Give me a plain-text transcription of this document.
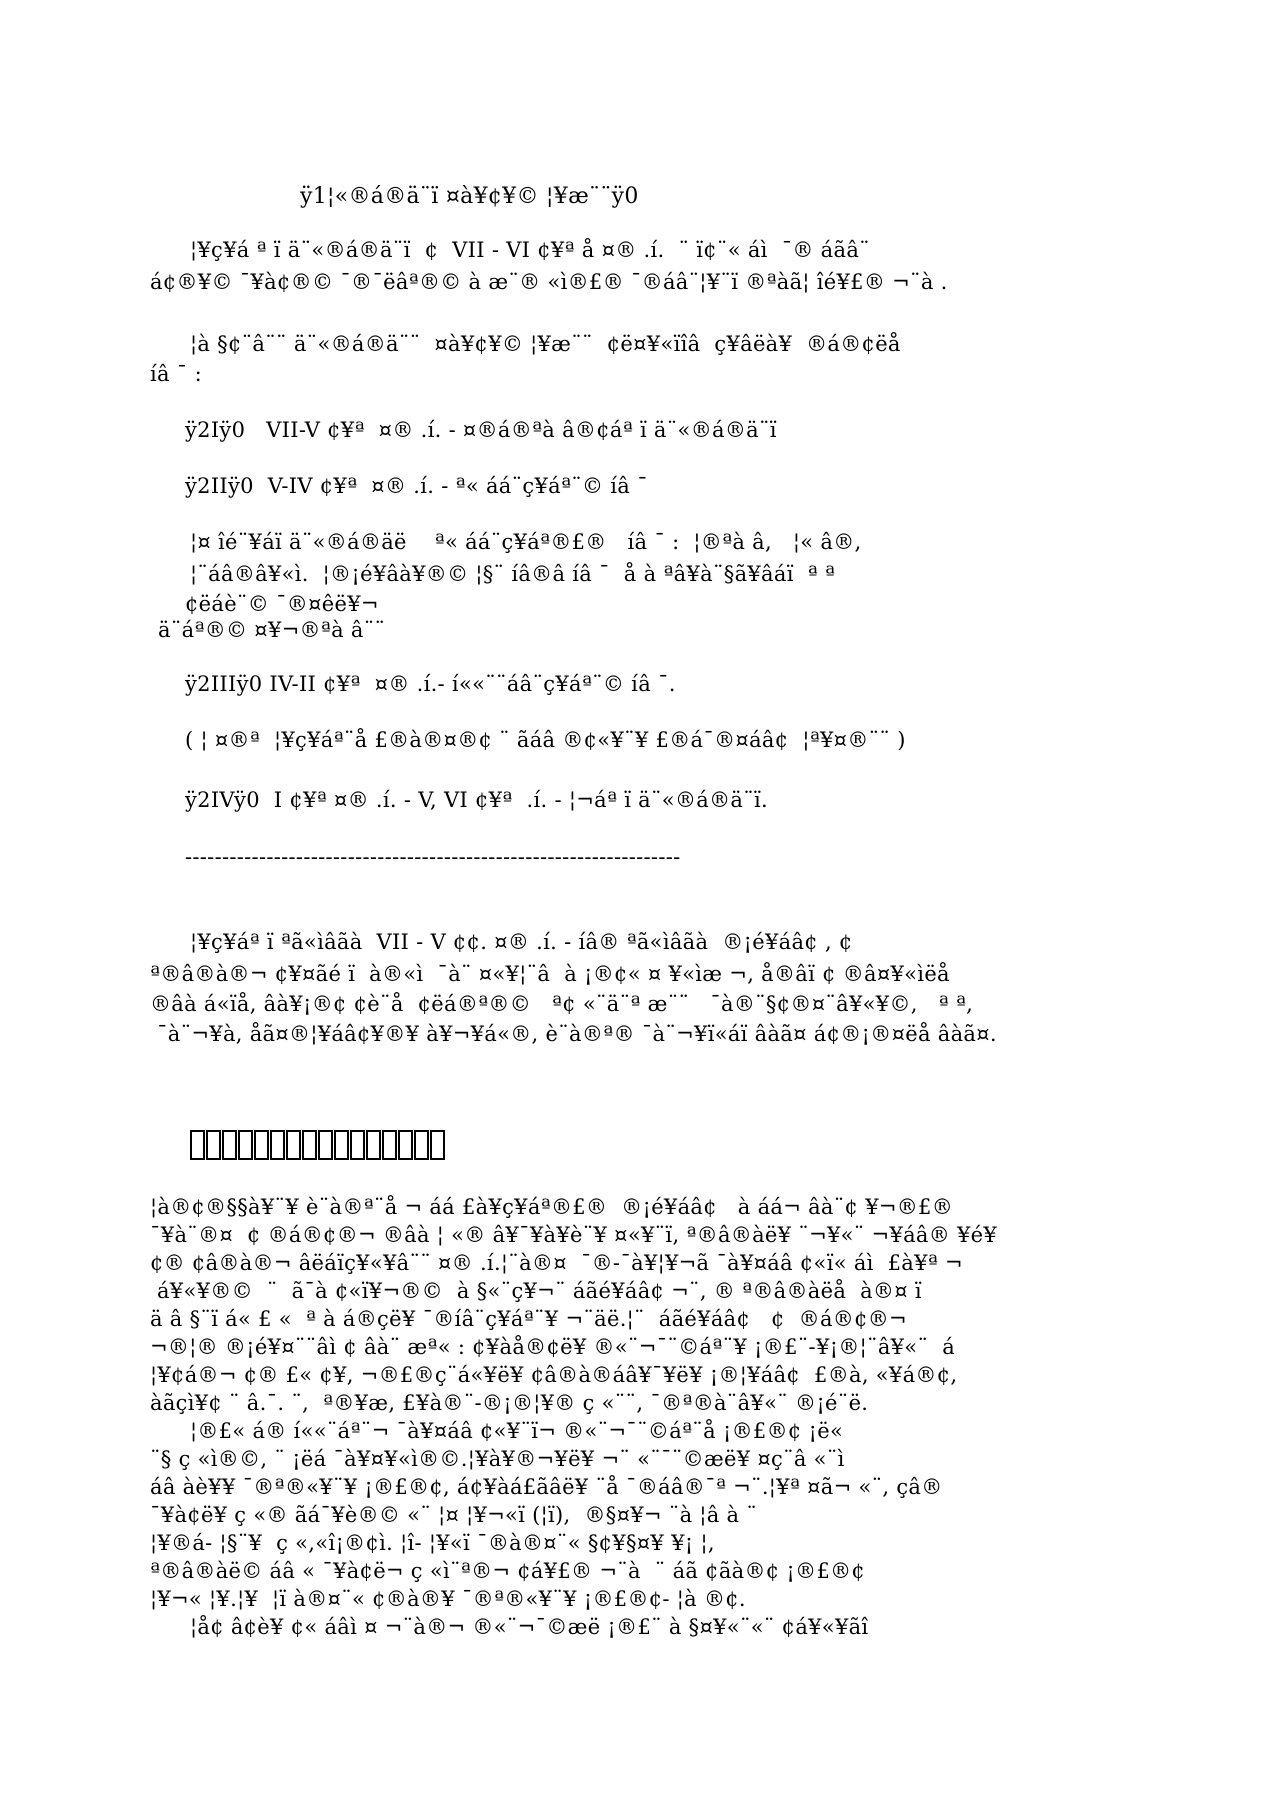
ÿ1¦«®á®ä¨ï ¤à¥¢¥© ¦¥æ¨¨ÿ0
¦¥ç¥á ª ï ä¨«®á®ä¨ï  ¢  VII - VI ¢¥ª å ¤® .í.  ¨ ï¢¨« áì  ¯® áãâ¨
á¢®¥© ¯¥à¢®© ¯®¯ëâª®© à æ¨® «ì®£® ¯®áâ¨¦¥¨ï ®ªàã¦ îé¥£® ¬¨à .
¦à §¢¨â¨¨ ä¨«®á®ä¨¨  ¤à¥¢¥© ¦¥æ¨¨  ¢ë¤¥«ïîâ  ç¥âëà¥  ®á®¢ëå
íâ ¯ :
ÿ2Iÿ0   VII-V ¢¥ª  ¤® .í. - ¤®á®ªà â®¢áª ï ä¨«®á®ä¨ï
ÿ2IIÿ0  V-IV ¢¥ª  ¤® .í. - ª« áá¨ç¥áª¨© íâ ¯
¦¤ îé¨¥áï ä¨«®á®äë    ª« áá¨ç¥áª®£®   íâ ¯ :  ¦®ªà â,   ¦« â®,
¦¨áâ®â¥«ì.  ¦®¡é¥âà¥®© ¦§¨ íâ®â íâ ¯  å à ªâ¥à¨§ã¥âáï  ª ª
¢ëáè¨© ¯®¤êë¥¬
ä¨áª®© ¤¥¬®ªà â¨¨
ÿ2IIIÿ0 IV-II ¢¥ª  ¤® .í.- í««¨¨áâ¨ç¥áª¨© íâ ¯.
( ¦ ¤®ª  ¦¥ç¥áª¨å £®à®¤®¢ ¨ ãáâ ®¢«¥¨¥ £®á¯®¤áâ¢  ¦ª¥¤®¨¨ )
ÿ2IVÿ0  I ¢¥ª ¤® .í. - V, VI ¢¥ª  .í. - ¦¬áª ï ä¨«®á®ä¨ï.
-------------------------------------------------------------------
¦¥ç¥áª ï ªã«ìâãà  VII - V ¢¢. ¤® .í. - íâ® ªã«ìâãà  ®¡é¥áâ¢ , ¢
ª®â®à®¬ ¢¥¤ãé ï  à®«ì  ¯à¨ ¤«¥¦¨â  à ¡®¢« ¤ ¥«ìæ ¬, å®âï ¢ ®â¤¥«ìëå
®âà á«ïå, âà¥¡®¢ ¢è¨å  ¢ëá®ª®©   ª¢ «¨ä¨ª æ¨¨   ¯à®¨§¢®¤¨â¥«¥©,   ª ª,
¯à¨¬¥à, åã¤®¦¥áâ¢¥®¥ à¥¬¥á«®, è¨à®ª® ¯à¨¬¥ï«áï âàã¤ á¢®¡®¤ëå âàã¤.
¦à®¢®§§à¥¨¥ è¨à®ª¨å ¬ áá £à¥ç¥áª®£®  ®¡é¥áâ¢   à áá¬ âà¨¢ ¥¬®£®
¯¥à¨®¤  ¢ ®á®¢®¬ ®âà ¦ «® â¥¯¥à¥è¨¥ ¤«¥¨ï, ª®â®àë¥ ¨¬¥«¨ ¬¥áâ® ¥é¥
¢® ¢â®à®¬ âëáïç¥«¥â¨¨ ¤® .í.¦¨à®¤  ¯®-¯à¥¦¥¬ã ¯à¥¤áâ ¢«ï« áì  £à¥ª ¬
á¥«¥®©  ¨  ã¯à ¢«ï¥¬®©  à §«¨ç¥¬¨ áãé¥áâ¢ ¬¨, ® ª®â®àëå  à®¤ ï
ä â §¨ï á« £ «  ª à á®çë¥ ¯®íâ¨ç¥áª¨¥ ¬¨äë.¦¨  áãé¥áâ¢   ¢  ®á®¢®¬
¬®¦® ®¡é¥¤¨¨âì ¢ âà¨ æª« : ¢¥àå®¢ë¥ ®«¨¬¯¨©áª¨¥ ¡®£¨-¥¡®¦¨â¥«¨  á
¦¥¢á®¬ ¢® £« ¢¥, ¬®£®ç¨á«¥ë¥ ¢â®à®áâ¥¯¥ë¥ ¡®¦¥áâ¢  £®à, «¥á®¢,
àãçì¥¢ ¨ â.¯. ¨,  ª®¥æ, £¥à®¨-®¡®¦¥® ç «¨¨, ¯®ª®à¨â¥«¨ ®¡é¨ë.
¦®£« á® í««¨áª¨¬ ¯à¥¤áâ ¢«¥¨ï¬ ®«¨¬¯¨©áª¨å ¡®£®¢ ¡ë«
¨§ ç «ì®©, ¨ ¡ëá ¯à¥¤¥«ì®©.¦¥à¥®¬¥ë¥ ¬¨ «¨¯¨©æë¥ ¤ç¨â «¨ì
áâ àè¥¥ ¯®ª®«¥¨¥ ¡®£®¢, á¢¥àá£ãâë¥ ¨å ¯®áâ®¯ª ¬¨.¦¥ª ¤ã¬ «¨, çâ®
¯¥à¢ë¥ ç «® ãá¯¥è®© «¨ ¦¤ ¦¥¬«ï (¦ï),  ®§¤¥¬ ¨à ¦â à ¨
¦¥®á- ¦§¨¥  ç «,«î¡®¢ì. ¦î- ¦¥«ï ¯®à®¤¨« §¢¥§¤¥ ¥¡ ¦,
ª®â®àë© áâ « ¯¥à¢ë¬ ç «ì¨ª®¬ ¢á¥£® ¬¨à  ¨ áã ¢ãà®¢ ¡®£®¢
¦¥¬« ¦¥.¦¥  ¦ï à®¤¨« ¢®à®¥ ¯®ª®«¥¨¥ ¡®£®¢- ¦à ®¢.
¦å¢ â¢è¥ ¢« áâì ¤ ¬¨à®¬ ®«¨¬¯©æë ¡®£¨ à §¤¥«¨«¨ ¢á¥«¥ãî
